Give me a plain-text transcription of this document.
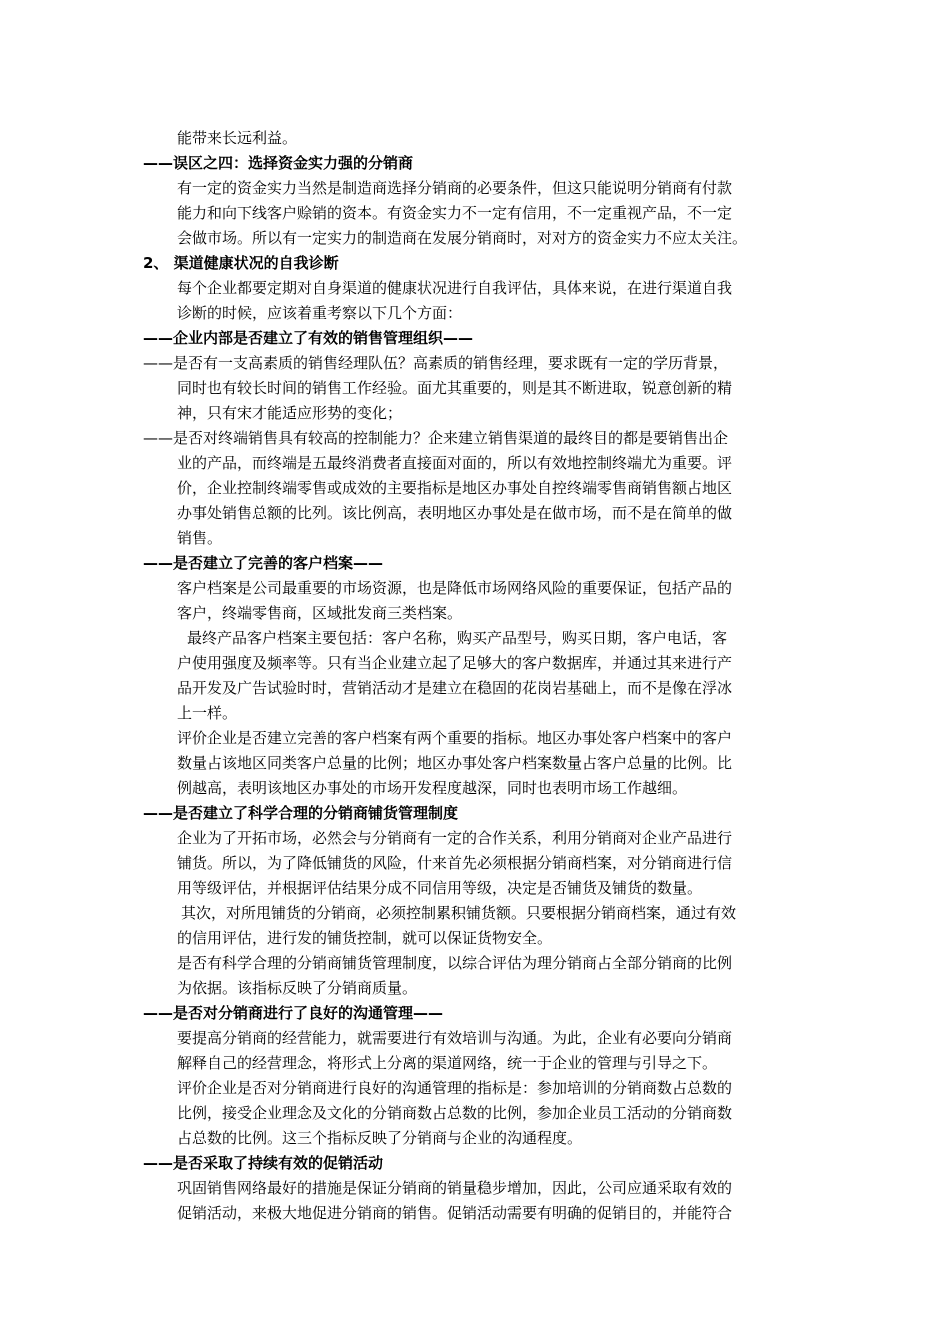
能带来长远利益。
——误区之四：选择资金实力强的分销商
有一定的资金实力当然是制造商选择分销商的必要条件，但这只能说明分销商有付款
能力和向下线客户赊销的资本。有资金实力不一定有信用，不一定重视产品，不一定
会做市场。所以有一定实力的制造商在发展分销商时，对对方的资金实力不应太关注。
2、 渠道健康状况的自我诊断
每个企业都要定期对自身渠道的健康状况进行自我评估，具体来说，在进行渠道自我
诊断的时候，应该着重考察以下几个方面：
——企业内部是否建立了有效的销售管理组织——
——是否有一支高素质的销售经理队伍？高素质的销售经理，要求既有一定的学历背景，
同时也有较长时间的销售工作经验。面尤其重要的，则是其不断进取，锐意创新的精
神，只有宋才能适应形势的变化；
——是否对终端销售具有较高的控制能力？企来建立销售渠道的最终目的都是要销售出企
业的产品，而终端是五最终消费者直接面对面的，所以有效地控制终端尤为重要。评
价，企业控制终端零售或成效的主要指标是地区办事处自控终端零售商销售额占地区
办事处销售总额的比列。该比例高，表明地区办事处是在做市场，而不是在简单的做
销售。
——是否建立了完善的客户档案——
客户档案是公司最重要的市场资源，也是降低市场网络风险的重要保证，包括产品的
客户，终端零售商，区域批发商三类档案。
最终产品客户档案主要包括：客户名称，购买产品型号，购买日期，客户电话，客
户使用强度及频率等。只有当企业建立起了足够大的客户数据库，并通过其来进行产
品开发及广告试验时时，营销活动才是建立在稳固的花岗岩基础上，而不是像在浮冰
上一样。
评价企业是否建立完善的客户档案有两个重要的指标。地区办事处客户档案中的客户
数量占该地区同类客户总量的比例；地区办事处客户档案数量占客户总量的比例。比
例越高，表明该地区办事处的市场开发程度越深，同时也表明市场工作越细。
——是否建立了科学合理的分销商铺货管理制度
企业为了开拓市场，必然会与分销商有一定的合作关系，利用分销商对企业产品进行
铺货。所以，为了降低铺货的风险，什来首先必须根据分销商档案，对分销商进行信
用等级评估，并根据评估结果分成不同信用等级，决定是否铺货及铺货的数量。
其次，对所甩铺货的分销商，必须控制累积铺货额。只要根据分销商档案，通过有效
的信用评估，进行发的铺货控制，就可以保证货物安全。
是否有科学合理的分销商铺货管理制度，以综合评估为理分销商占全部分销商的比例
为依据。该指标反映了分销商质量。
——是否对分销商进行了良好的沟通管理——
要提高分销商的经营能力，就需要进行有效培训与沟通。为此，企业有必要向分销商
解释自己的经营理念，将形式上分离的渠道网络，统一于企业的管理与引导之下。
评价企业是否对分销商进行良好的沟通管理的指标是：参加培训的分销商数占总数的
比例，接受企业理念及文化的分销商数占总数的比例，参加企业员工活动的分销商数
占总数的比例。这三个指标反映了分销商与企业的沟通程度。
——是否采取了持续有效的促销活动
巩固销售网络最好的措施是保证分销商的销量稳步增加，因此，公司应通采取有效的
促销活动，来极大地促进分销商的销售。促销活动需要有明确的促销目的，并能符合
